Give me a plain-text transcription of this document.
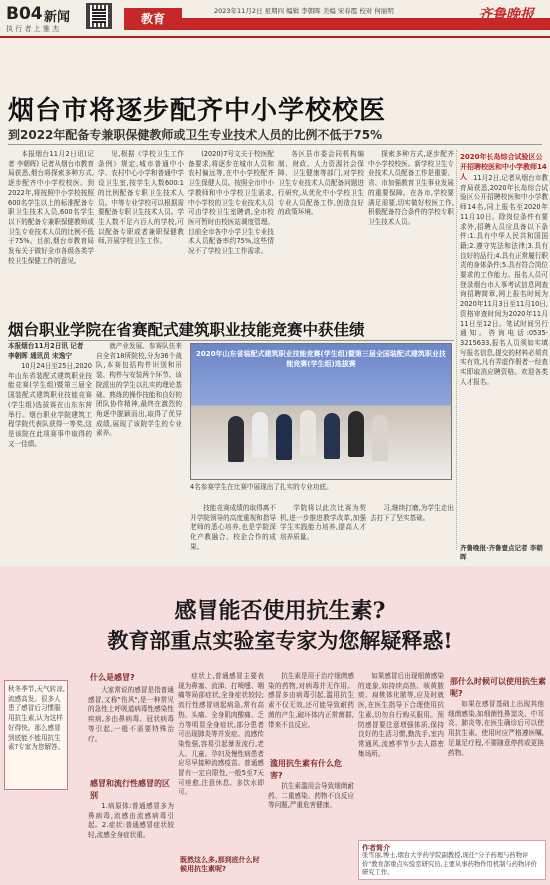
B04 新闻
执 行 者 上 雅 杰
教育
2023年11月2日 星期四 编辑 李朝晖 美编 宋春霞 校对 何丽明	齐鲁晚报
烟台市将逐步配齐中小学校校医
到2022年配备专兼职保健教师或卫生专业技术人员的比例不低于75%
本报烟台11月2日讯(记者 李朝晖) 记者从烟台市教育局获悉,烟台将探索多种方式,逐步配齐中小学校校医。到2022年,将按照中小学校按照600名学生以上的标准配备专职卫生技术人员,600名学生以下的配备专兼职保健教师或卫生专业技术人员的比例不低于75%。目前,烟台市教育局发布关于做好全市各级各类学校卫生保健工作的意见。
见,根据《学校卫生工作条例》规定,城市普通中小学、农村中心小学和普通中学设卫生室,按学生人数600:1的比例配备专职卫生技术人员。中等专业学校可以根据需要配备专职卫生技术人员。学生人数不足六百人的学校,可以配备专职或者兼职保健教师,开展学校卫生工作。
(2020)7号文关于校医配备要求,将逐步在城市人员和农村偏远等,在中小学校配齐卫生保健人员。按照全市中小学教师和中小学校卫生需求,中小学校的卫生专业技术人员可由学校卫生室聘请,全市校医可暂时由校医站调度管理。目前全市各中小学卫生专业技术人员配备率约75%,这些情况不了学校卫生工作需求。
各区县市委会同机构编制、财政、人力资源社会保障、卫生健康等部门,对学校卫生专业技术人员配备问题进行研究,从优化中小学校卫生专业人员配备工作,创造良好的政策环境。
探索多种方式,逐步配齐中小学校校医。新学校卫生专业技术人员配备工作是重要、省、市加强教育卫生事业发展的重要保障。在各市,学校要满足需要,切实做好校医工作,积极配备符合条件的学校专职卫生技术人员。
2020年长岛综合试验区公开招聘校医和中小学教师14人 11月2日,记者从烟台市教育局获悉,2020年长岛综合试验区公开招聘校医和中小学教师14名,同上报名至2020年11月10日。除岗位条件有要求外,招聘人员应具备以下条件:1.具有中华人民共和国国籍;2.遵守宪法和法律;3.具有良好的品行;4.具有正常履行职责的身体条件;5.具有符合岗位要求的工作能力。报名人员可登录烟台市人事考试信息网查询招聘简章,网上报名时间为2020年11月3日至11月10日,资格审查时间为2020年11月11日至12日。笔试时间另行通知。咨询电话:0535-3215633,报名人员须如实填写报名信息,提交的材料必须真实有效,凡有弄虚作假者一经查实即取消应聘资格。欢迎各类人才报名。
齐鲁晚报·齐鲁壹点记者 李朝晖
烟台职业学院在省赛配式建筑职业技能竞赛中获佳绩
本报烟台11月2日讯 记者 李朝晖 通讯员 宋逸宁
10月24日至25日,2020年山东省装配式建筑职业技能竞赛(学生组)暨第三届全国装配式建筑职业技能竞赛(学生组)选拔赛在山东东营举行。烟台职业学院建筑工程学院代表队获得一等奖,这是该院在此项赛事中取得的又一佳绩。
就产业发展、参赛队伍来自全省18所院校,分为36个战队,本赛包括构件识别和吊装、构件与安装两个环节。该院派出的学生以扎实的理论基础、熟练的操作技能和良好的团队协作精神,最终在激烈的角逐中脱颖而出,取得了优异成绩,展现了该院学生的专业素养。
2020年山东省装配式建筑职业技能竞赛(学生组)暨第三届全国装配式建筑职业技能竞赛(学生组)选拔赛
4名参赛学生在比赛中展现出了扎实的专业功底。
技能竞赛成绩的取得离不开学院领导的高度重视和指导老师的悉心培养,也是学院深化产教融合、校企合作的成果。
学院将以此次比赛为契机,进一步推进教学改革,加强学生实践能力培养,提高人才培养质量。
习,继续打磨,为学生走出去打下了坚实基础。
感冒能否使用抗生素?
教育部重点实验室专家为您解疑释惑!
秋冬季节,天气转凉,流感高发。很多人患了感冒后习惯服用抗生素,认为这样好得快。那么感冒到底能不能用抗生素?专家为您解答。
什么是感冒?
大家常说的感冒是指普通感冒,又称"伤风",是一种常见的急性上呼吸道病毒性感染性疾病,多由鼻病毒、冠状病毒等引起,一般不需要特殊治疗。
感冒和流行性感冒的区别
1.病原体:普通感冒多为鼻病毒,流感由流感病毒引起。2.症状:普通感冒症状较轻,流感全身症状重。
症状上,普通感冒主要表现为鼻塞、流涕、打喷嚏、咽痛等局部症状,全身症状较轻;流行性感冒则起病急,常有高热、头痛、全身肌肉酸痛、乏力等明显全身症状,部分患者可出现肺炎等并发症。流感传染性强,容易引起暴发流行,老人、儿童、孕妇及慢性病患者应尽早接种流感疫苗。普通感冒有一定自限性,一般5至7天可痊愈,注意休息、多饮水即可。
既然这么多,那到底什么时候用抗生素呢?
抗生素是用于治疗细菌感染的药物,对病毒并无作用。感冒多由病毒引起,滥用抗生素不仅无效,还可能导致耐药菌的产生,破坏体内正常菌群,带来不良反应。
滥用抗生素有什么危害?
抗生素滥用会导致细菌耐药、二重感染、药物不良反应等问题,严重危害健康。
如果感冒后出现细菌感染的迹象,如持续高热、咳黄脓痰、扁桃体化脓等,应及时就医,在医生指导下合理使用抗生素,切勿自行购买服用。预防感冒要注意增强体质,保持良好的生活习惯,勤洗手,室内常通风,流感季节少去人群密集场所。
那什么时候可以使用抗生素呢?
如果在感冒基础上出现其他细菌感染,如细菌性鼻窦炎、中耳炎、肺炎等,在医生确诊后可以使用抗生素。使用时应严格遵医嘱,足量足疗程,不要随意停药或更换药物。
作者简介
张雪丽,博士,烟台大学药学院副教授,现任"分子药理与药物评价"教育部重点实验室研究员,主要从事药物作用机制与药物评价研究工作。
